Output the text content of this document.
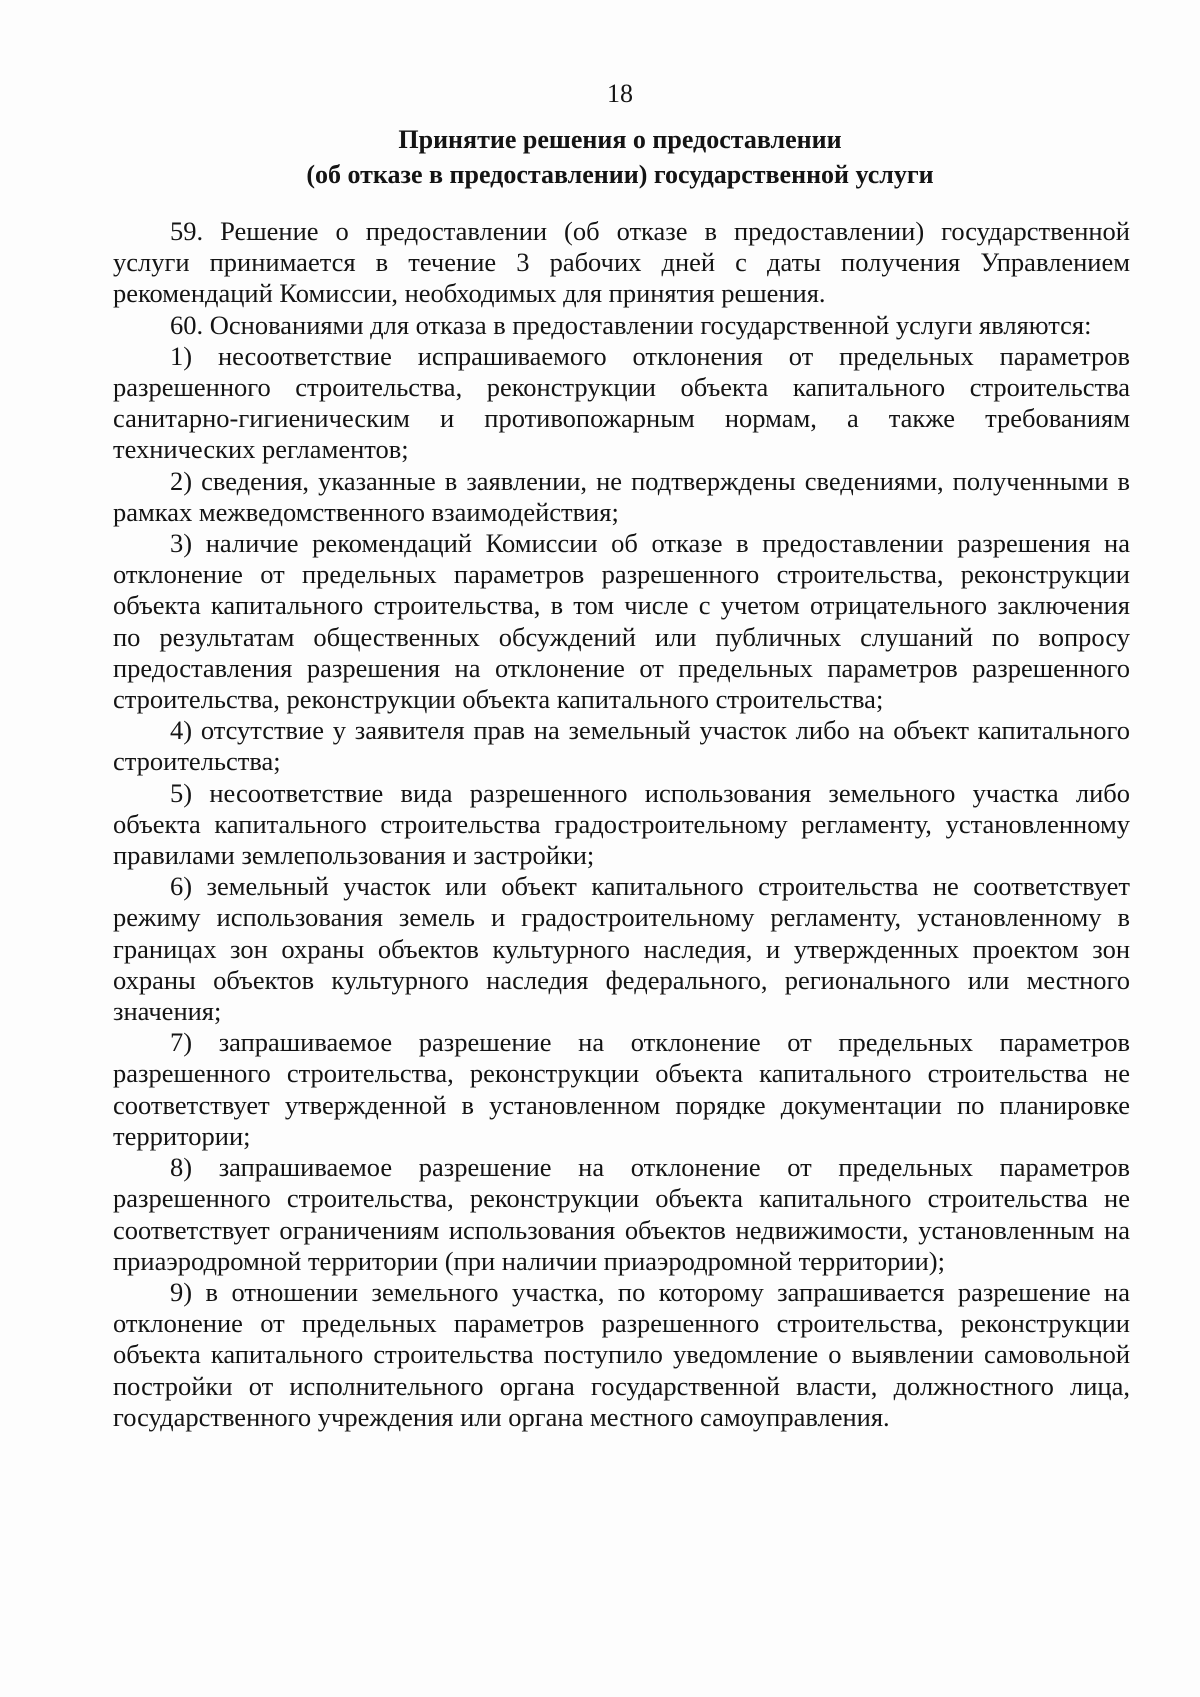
18
Принятие решения о предоставлении
(об отказе в предоставлении) государственной услуги

59. Решение о предоставлении (об отказе в предоставлении) государственной услуги принимается в течение 3 рабочих дней с даты получения Управлением рекомендаций Комиссии, необходимых для принятия решения.

60. Основаниями для отказа в предоставлении государственной услуги являются:

1) несоответствие испрашиваемого отклонения от предельных параметров разрешенного строительства, реконструкции объекта капитального строительства санитарно-гигиеническим и противопожарным нормам, а также требованиям технических регламентов;

2) сведения, указанные в заявлении, не подтверждены сведениями, полученными в рамках межведомственного взаимодействия;

3) наличие рекомендаций Комиссии об отказе в предоставлении разрешения на отклонение от предельных параметров разрешенного строительства, реконструкции объекта капитального строительства, в том числе с учетом отрицательного заключения по результатам общественных обсуждений или публичных слушаний по вопросу предоставления разрешения на отклонение от предельных параметров разрешенного строительства, реконструкции объекта капитального строительства;

4) отсутствие у заявителя прав на земельный участок либо на объект капитального строительства;

5) несоответствие вида разрешенного использования земельного участка либо объекта капитального строительства градостроительному регламенту, установленному правилами землепользования и застройки;

6) земельный участок или объект капитального строительства не соответствует режиму использования земель и градостроительному регламенту, установленному в границах зон охраны объектов культурного наследия, и утвержденных проектом зон охраны объектов культурного наследия федерального, регионального или местного значения;

7) запрашиваемое разрешение на отклонение от предельных параметров разрешенного строительства, реконструкции объекта капитального строительства не соответствует утвержденной в установленном порядке документации по планировке территории;

8) запрашиваемое разрешение на отклонение от предельных параметров разрешенного строительства, реконструкции объекта капитального строительства не соответствует ограничениям использования объектов недвижимости, установленным на приаэродромной территории (при наличии приаэродромной территории);

9) в отношении земельного участка, по которому запрашивается разрешение на отклонение от предельных параметров разрешенного строительства, реконструкции объекта капитального строительства поступило уведомление о выявлении самовольной постройки от исполнительного органа государственной власти, должностного лица, государственного учреждения или органа местного самоуправления.
